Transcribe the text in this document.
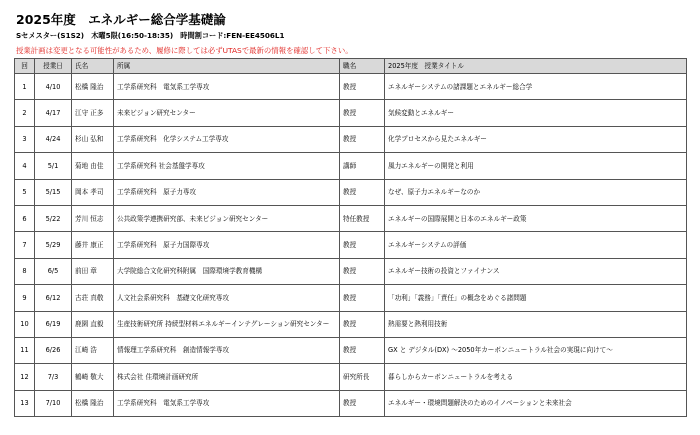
2025年度　エネルギー総合学基礎論
Sセメスター(S1S2)　木曜5限(16:50-18:35)　時間割コード:FEN-EE4506L1
授業計画は変更となる可能性があるため、履修に際しては必ずUTASで最新の情報を確認して下さい。
回	授業日	氏名	所属	職名	2025年度　授業タイトル
1	4/10	松橋 隆治	工学系研究科　電気系工学専攻	教授	エネルギーシステムの諸課題とエネルギー総合学
2	4/17	江守 正多	未来ビジョン研究センター	教授	気候変動とエネルギー
3	4/24	杉山 弘和	工学系研究科　化学システム工学専攻	教授	化学プロセスから見たエネルギー
4	5/1	菊地 由佳	工学系研究科 社会基盤学専攻	講師	風力エネルギーの開発と利用
5	5/15	岡本 孝司	工学系研究科　原子力専攻	教授	なぜ、原子力エネルギーなのか
6	5/22	芳川 恒志	公共政策学連携研究部、未来ビジョン研究センター	特任教授	エネルギーの国際展開と日本のエネルギー政策
7	5/29	藤井 康正	工学系研究科　原子力国際専攻	教授	エネルギーシステムの評価
8	6/5	前田 章	大学院総合文化研究科附属　国際環境学教育機構	教授	エネルギー技術の投資とファイナンス
9	6/12	古荘 真敬	人文社会系研究科　基礎文化研究専攻	教授	「功利」「義務」「責任」の概念をめぐる諸問題
10	6/19	鹿園 直毅	生産技術研究所 持続型材料エネルギーインテグレーション研究センター	教授	熱需要と熱利用技術
11	6/26	江崎 浩	情報理工学系研究科　創造情報学専攻	教授	GX と デジタル(DX) ～2050年カーボンニュートラル社会の実現に向けて～
12	7/3	鶴崎 敬大	株式会社 住環境計画研究所	研究所長	暮らしからカーボンニュートラルを考える
13	7/10	松橋 隆治	工学系研究科　電気系工学専攻	教授	エネルギー・環境問題解決のためのイノベーションと未来社会
